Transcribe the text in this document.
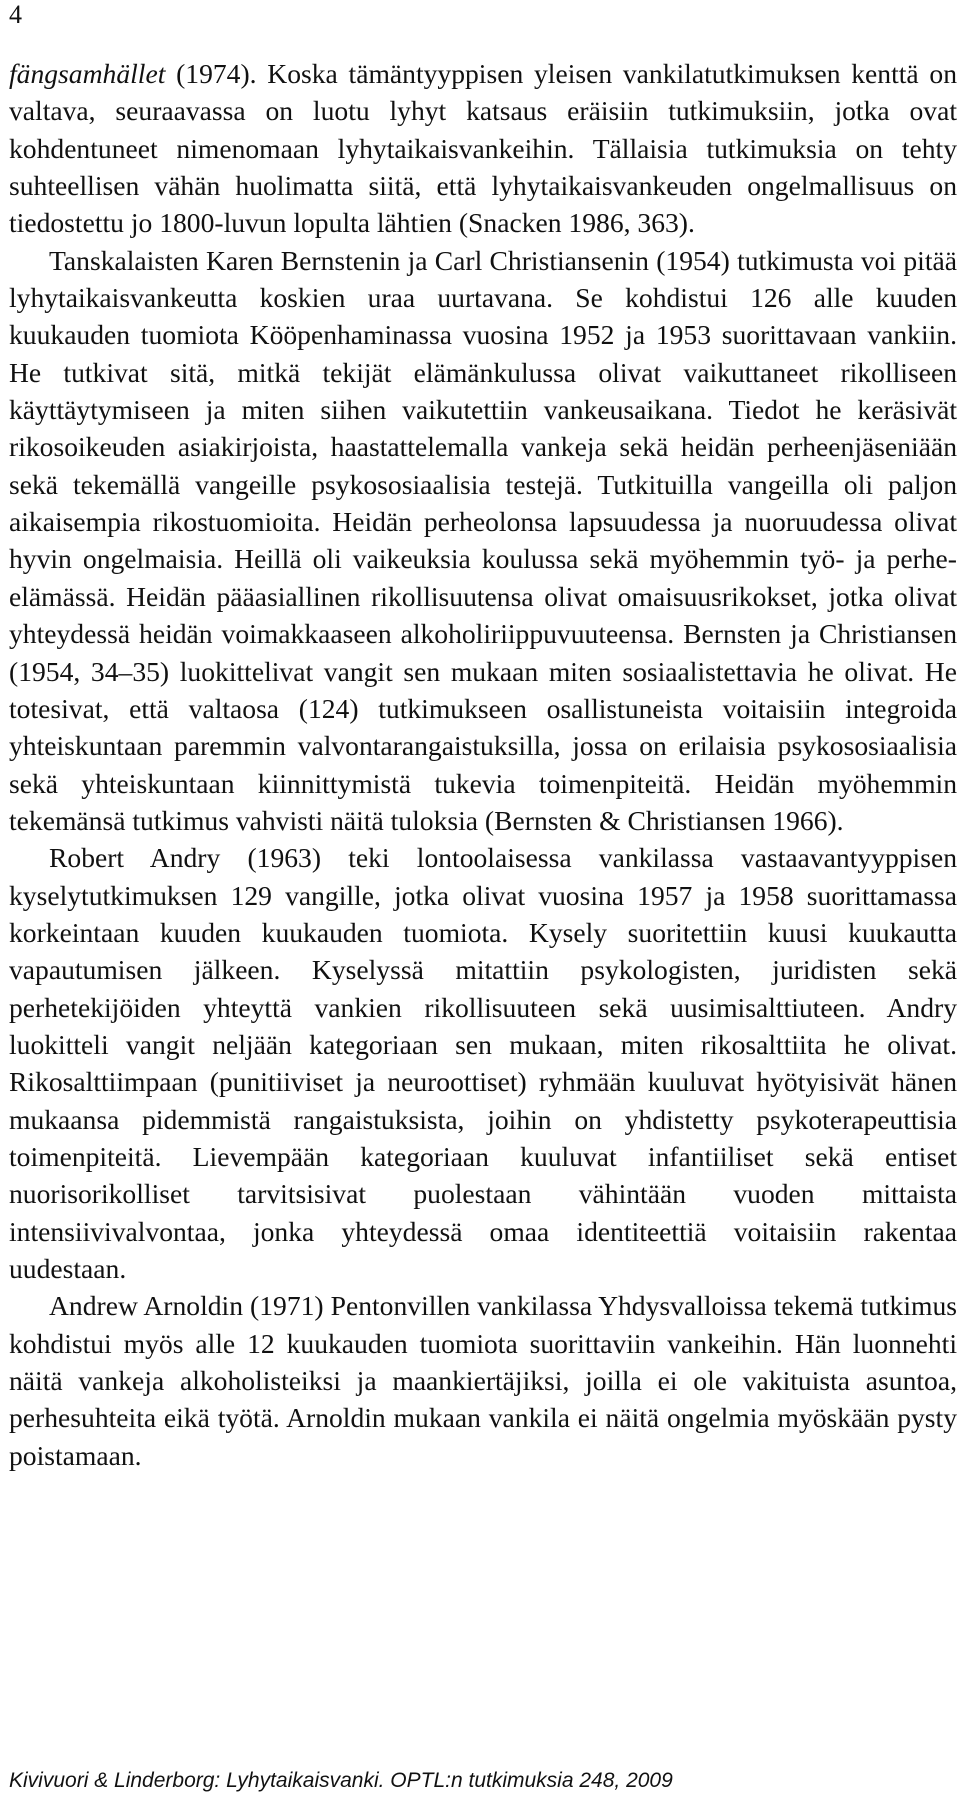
4

fängsamhället (1974). Koska tämäntyyppisen yleisen vankilatutkimuksen kenttä on valtava, seuraavassa on luotu lyhyt katsaus eräisiin tutkimuksiin, jotka ovat kohdentuneet nimenomaan lyhytaikaisvankeihin. Tällaisia tutkimuksia on tehty suhteellisen vähän huolimatta siitä, että lyhytaikaisvankeuden ongelmallisuus on tiedostettu jo 1800-luvun lopulta lähtien (Snacken 1986, 363).

Tanskalaisten Karen Bernstenin ja Carl Christiansenin (1954) tutkimusta voi pitää lyhytaikaisvankeutta koskien uraa uurtavana. Se kohdistui 126 alle kuuden kuukauden tuomiota Kööpenhaminassa vuosina 1952 ja 1953 suorittavaan vankiin. He tutkivat sitä, mitkä tekijät elämänkulussa olivat vaikuttaneet rikolliseen käyttäytymiseen ja miten siihen vaikutettiin vankeusaikana. Tiedot he keräsivät rikosoikeuden asiakirjoista, haastattelemalla vankeja sekä heidän perheenjäseniään sekä tekemällä vangeille psykososiaalisia testejä. Tutkituilla vangeilla oli paljon aikaisempia rikostuomioita. Heidän perheolonsa lapsuudessa ja nuoruudessa olivat hyvin ongelmaisia. Heillä oli vaikeuksia koulussa sekä myöhemmin työ- ja perhe-elämässä. Heidän pääasiallinen rikollisuutensa olivat omaisuusrikokset, jotka olivat yhteydessä heidän voimakkaaseen alkoholiriippuvuuteensa. Bernsten ja Christiansen (1954, 34–35) luokittelivat vangit sen mukaan miten sosiaalistettavia he olivat. He totesivat, että valtaosa (124) tutkimukseen osallistuneista voitaisiin integroida yhteiskuntaan paremmin valvontarangaistuksilla, jossa on erilaisia psykososiaalisia sekä yhteiskuntaan kiinnittymistä tukevia toimenpiteitä. Heidän myöhemmin tekemänsä tutkimus vahvisti näitä tuloksia (Bernsten & Christiansen 1966).

Robert Andry (1963) teki lontoolaisessa vankilassa vastaavantyyppisen kyselytutkimuksen 129 vangille, jotka olivat vuosina 1957 ja 1958 suorittamassa korkeintaan kuuden kuukauden tuomiota. Kysely suoritettiin kuusi kuukautta vapautumisen jälkeen. Kyselyssä mitattiin psykologisten, juridisten sekä perhetekijöiden yhteyttä vankien rikollisuuteen sekä uusimisalttiuteen. Andry luokitteli vangit neljään kategoriaan sen mukaan, miten rikosalttiita he olivat. Rikosalttiimpaan (punitiiviset ja neuroottiset) ryhmään kuuluvat hyötyisivät hänen mukaansa pidemmistä rangaistuksista, joihin on yhdistetty psykoterapeuttisia toimenpiteitä. Lievempään kategoriaan kuuluvat infantiiliset sekä entiset nuorisorikolliset tarvitsisivat puolestaan vähintään vuoden mittaista intensiivivalvontaa, jonka yhteydessä omaa identiteettiä voitaisiin rakentaa uudestaan.

Andrew Arnoldin (1971) Pentonvillen vankilassa Yhdysvalloissa tekemä tutkimus kohdistui myös alle 12 kuukauden tuomiota suorittaviin vankeihin. Hän luonnehti näitä vankeja alkoholisteiksi ja maankiertäjiksi, joilla ei ole vakituista asuntoa, perhesuhteita eikä työtä. Arnoldin mukaan vankila ei näitä ongelmia myöskään pysty poistamaan.

Kivivuori & Linderborg: Lyhytaikaisvanki. OPTL:n tutkimuksia 248, 2009
